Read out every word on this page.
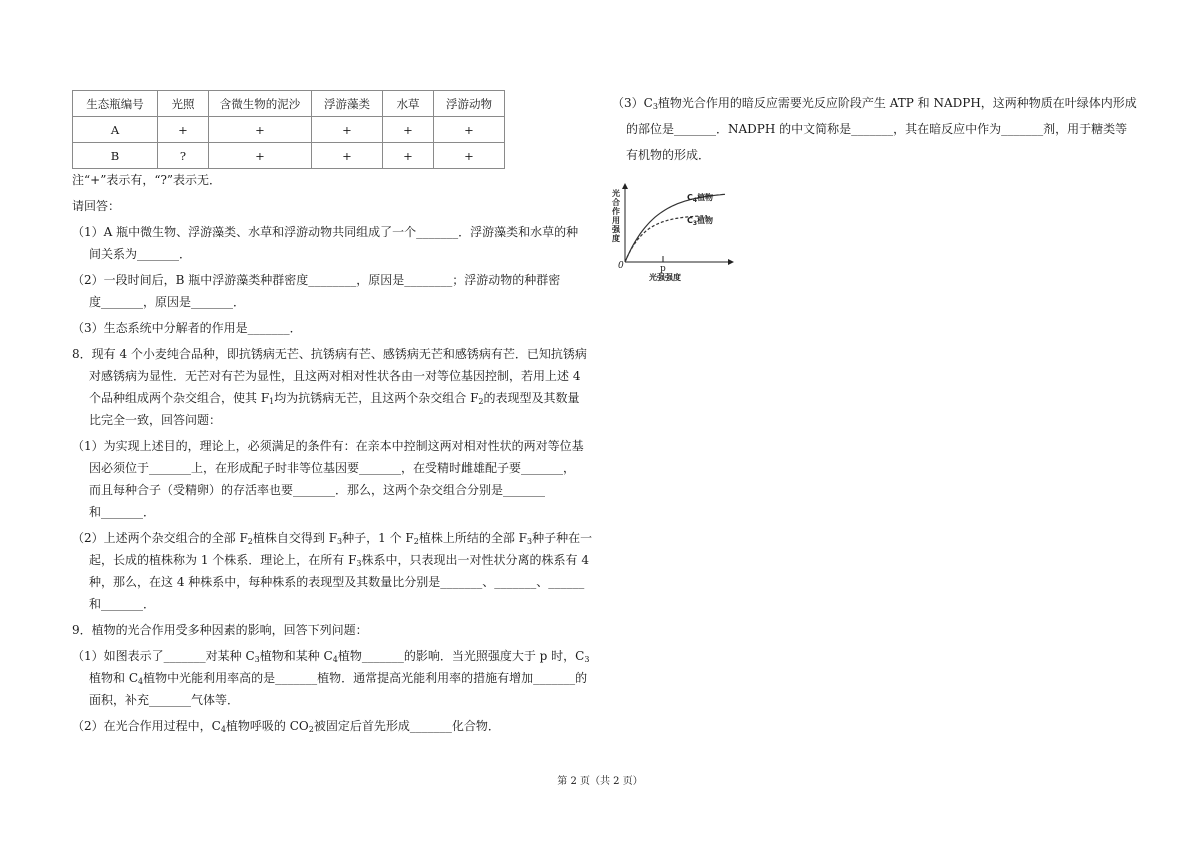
生态瓶编号	光照	含微生物的泥沙	浮游藻类	水草	浮游动物
A	+	+	+	+	+
B	?	+	+	+	+
注“+”表示有，“?”表示无．
请回答：
（1）A 瓶中微生物、浮游藻类、水草和浮游动物共同组成了一个_______．浮游藻类和水草的种
间关系为_______．
（2）一段时间后，B 瓶中浮游藻类种群密度________，原因是________；浮游动物的种群密
度_______，原因是_______．
（3）生态系统中分解者的作用是_______．
8．现有 4 个小麦纯合品种，即抗锈病无芒、抗锈病有芒、感锈病无芒和感锈病有芒．已知抗锈病
对感锈病为显性．无芒对有芒为显性，且这两对相对性状各由一对等位基因控制，若用上述 4
个品种组成两个杂交组合，使其 $F_1$均为抗锈病无芒，且这两个杂交组合 $F_2$的表现型及其数量
比完全一致，回答问题：
（1）为实现上述目的，理论上，必须满足的条件有：在亲本中控制这两对相对性状的两对等位基
因必须位于_______上，在形成配子时非等位基因要_______，在受精时雌雄配子要_______，
而且每种合子（受精卵）的存活率也要_______．那么，这两个杂交组合分别是_______
和_______．
（2）上述两个杂交组合的全部 $F_2$植株自交得到 $F_3$种子，1 个 $F_2$植株上所结的全部 $F_3$种子种在一
起，长成的植株称为 1 个株系．理论上，在所有 $F_3$株系中，只表现出一对性状分离的株系有 4
种，那么，在这 4 种株系中，每种株系的表现型及其数量比分别是_______、_______、______
和_______．
9．植物的光合作用受多种因素的影响，回答下列问题：
（1）如图表示了_______对某种 $C_3$植物和某种 $C_4$植物_______的影响．当光照强度大于 p 时，$C_3$
植物和 $C_4$植物中光能利用率高的是_______植物．通常提高光能利用率的措施有增加_______的
面积，补充_______气体等．
（2）在光合作用过程中，$C_4$植物呼吸的 $CO_2$被固定后首先形成_______化合物．
$(3)C_3$植物光合作用的暗反应需要光反应阶段产生 ATP 和 NADPH，这两种物质在叶绿体内形成
的部位是_______．NADPH 的中文简称是_______，其在暗反应中作为_______剂，用于糖类等
有机物的形成．
光合作用强度
0	p
光强强度
$C_4$植物
$C_3$植物
第 2 页（共 2 页）
